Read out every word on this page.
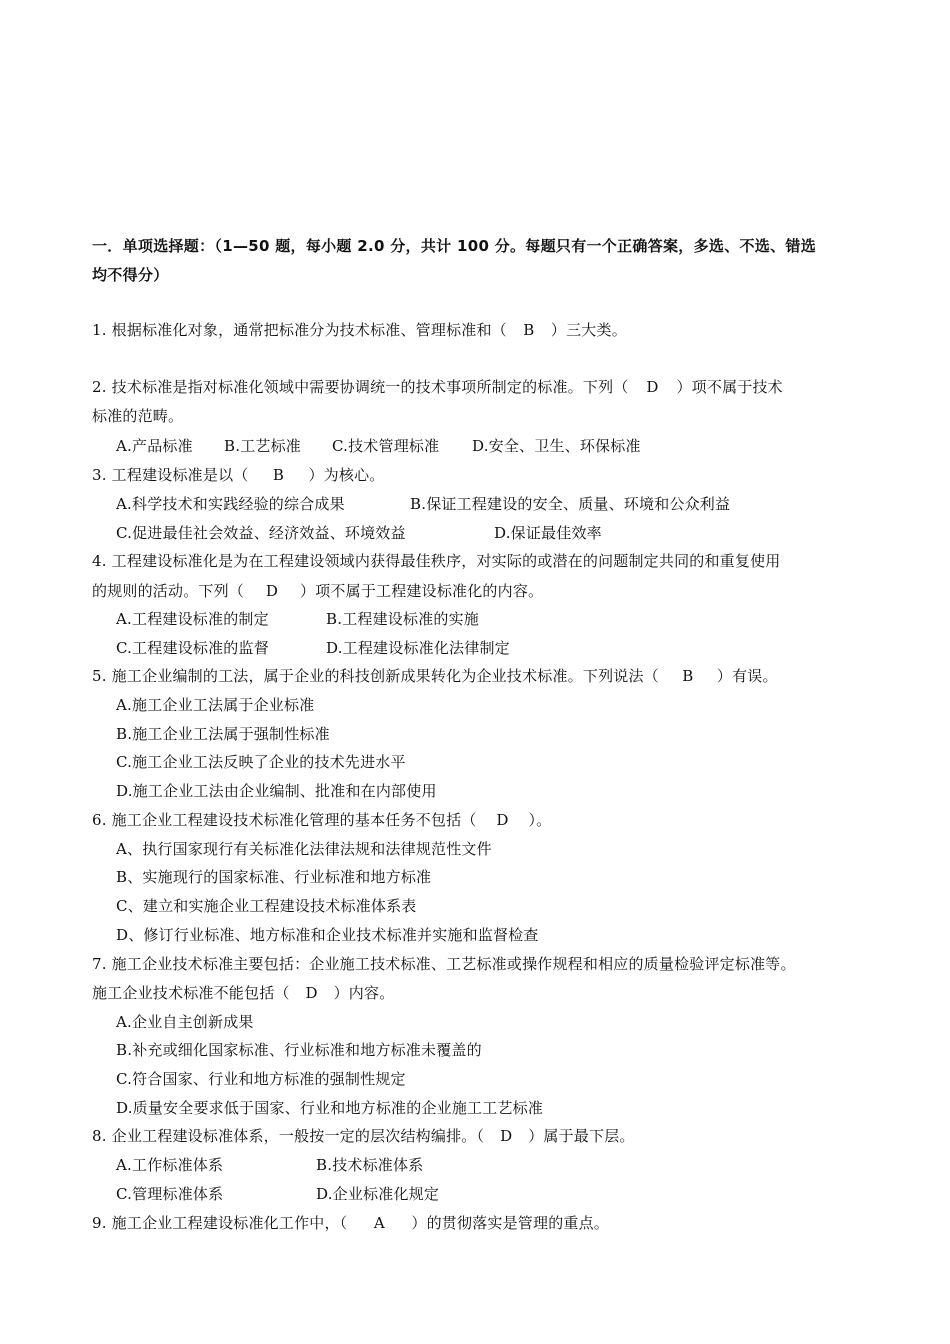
一．单项选择题：（1—50 题，每小题 2.0 分，共计 100 分。每题只有一个正确答案，多选、不选、错选
均不得分）
1. 根据标准化对象，通常把标准分为技术标准、管理标准和（ B ）三大类。
2. 技术标准是指对标准化领域中需要协调统一的技术事项所制定的标准。下列（ D ）项不属于技术
标准的范畴。
A.产品标准 B.工艺标准 C.技术管理标准 D.安全、卫生、环保标准
3. 工程建设标准是以（ B ）为核心。
A.科学技术和实践经验的综合成果	B.保证工程建设的安全、质量、环境和公众利益
C.促进最佳社会效益、经济效益、环境效益	D.保证最佳效率
4. 工程建设标准化是为在工程建设领域内获得最佳秩序，对实际的或潜在的问题制定共同的和重复使用
的规则的活动。下列（ D ）项不属于工程建设标准化的内容。
A.工程建设标准的制定	B.工程建设标准的实施
C.工程建设标准的监督	D.工程建设标准化法律制定
5. 施工企业编制的工法，属于企业的科技创新成果转化为企业技术标准。下列说法（ B ）有误。
A.施工企业工法属于企业标准
B.施工企业工法属于强制性标准
C.施工企业工法反映了企业的技术先进水平
D.施工企业工法由企业编制、批准和在内部使用
6. 施工企业工程建设技术标准化管理的基本任务不包括（ D ）。
A、执行国家现行有关标准化法律法规和法律规范性文件
B、实施现行的国家标准、行业标准和地方标准
C、建立和实施企业工程建设技术标准体系表
D、修订行业标准、地方标准和企业技术标准并实施和监督检查
7. 施工企业技术标准主要包括：企业施工技术标准、工艺标准或操作规程和相应的质量检验评定标准等。
施工企业技术标准不能包括（ D ）内容。
A.企业自主创新成果
B.补充或细化国家标准、行业标准和地方标准未覆盖的
C.符合国家、行业和地方标准的强制性规定
D.质量安全要求低于国家、行业和地方标准的企业施工工艺标准
8. 企业工程建设标准体系，一般按一定的层次结构编排。（ D ）属于最下层。
A.工作标准体系	B.技术标准体系
C.管理标准体系	D.企业标准化规定
9. 施工企业工程建设标准化工作中，（ A ）的贯彻落实是管理的重点。
